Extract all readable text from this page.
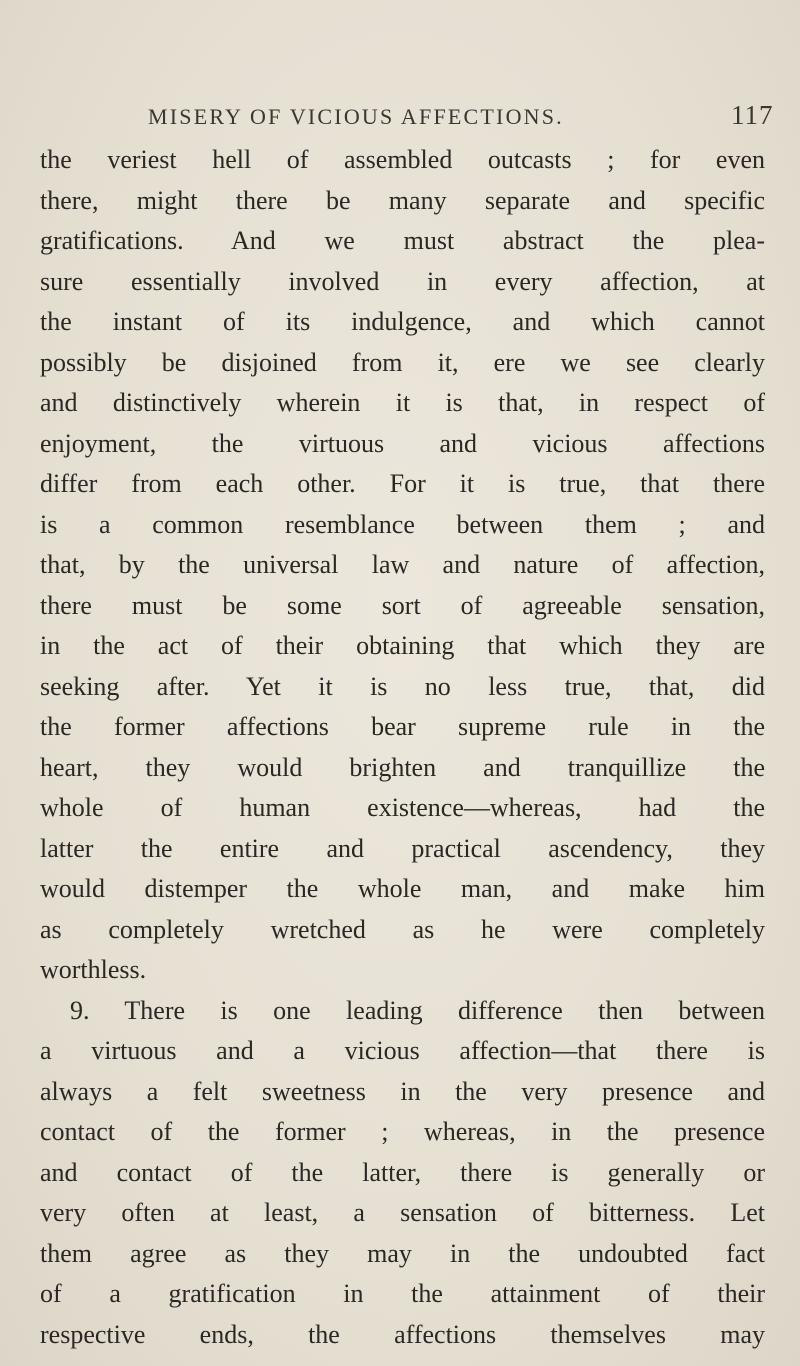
MISERY OF VICIOUS AFFECTIONS.	117
the veriest hell of assembled outcasts ; for even
there, might there be many separate and specific
gratifications. And we must abstract the plea-
sure essentially involved in every affection, at
the instant of its indulgence, and which cannot
possibly be disjoined from it, ere we see clearly
and distinctively wherein it is that, in respect of
enjoyment, the virtuous and vicious affections
differ from each other. For it is true, that there
is a common resemblance between them ; and
that, by the universal law and nature of affection,
there must be some sort of agreeable sensation,
in the act of their obtaining that which they are
seeking after. Yet it is no less true, that, did
the former affections bear supreme rule in the
heart, they would brighten and tranquillize the
whole of human existence—whereas, had the
latter the entire and practical ascendency, they
would distemper the whole man, and make him
as completely wretched as he were completely
worthless.
9. There is one leading difference then between
a virtuous and a vicious affection—that there is
always a felt sweetness in the very presence and
contact of the former ; whereas, in the presence
and contact of the latter, there is generally or
very often at least, a sensation of bitterness. Let
them agree as they may in the undoubted fact
of a gratification in the attainment of their
respective ends, the affections themselves may
